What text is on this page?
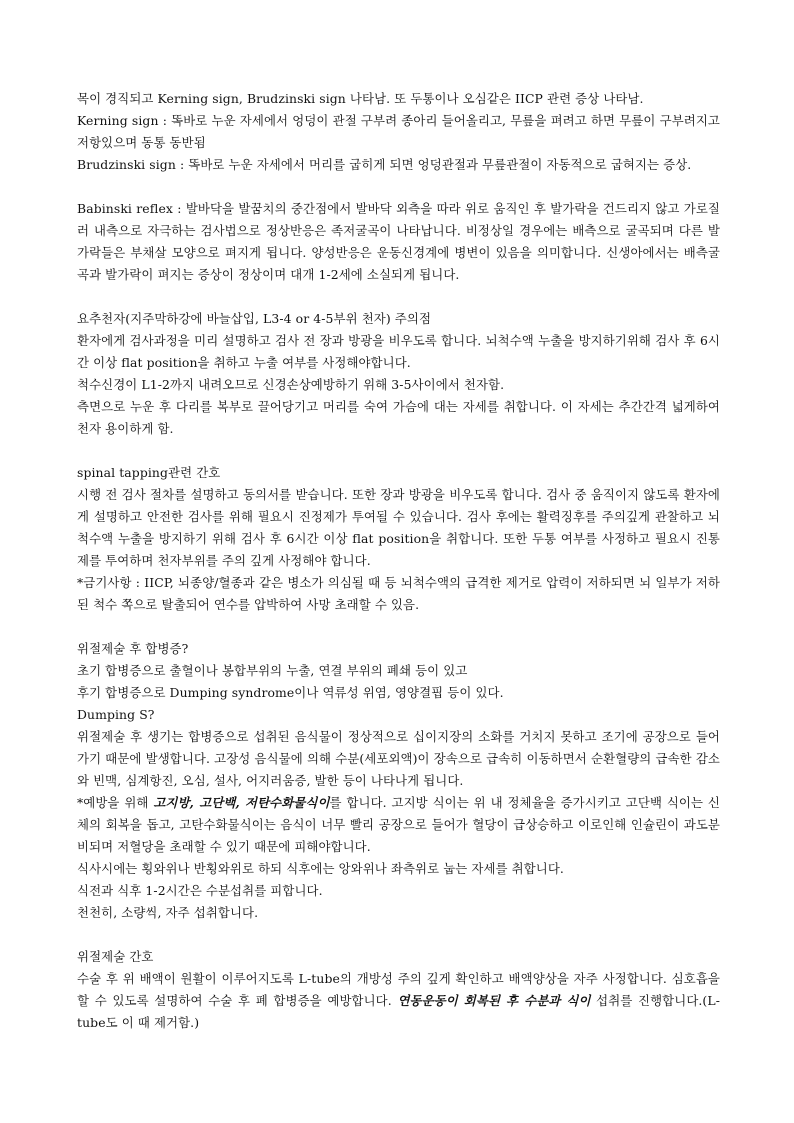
목이 경직되고 Kerning sign, Brudzinski sign 나타남. 또 두통이나 오심같은 IICP 관련 증상 나타남.

Kerning sign : 똑바로 누운 자세에서 엉덩이 관절 구부려 종아리 들어올리고, 무릎을 펴려고 하면 무릎이 구부려지고 저항있으며 동통 동반됨

Brudzinski sign : 똑바로 누운 자세에서 머리를 굽히게 되면 엉덩관절과 무릎관절이 자동적으로 굽혀지는 증상.

Babinski reflex : 발바닥을 발꿈치의 중간점에서 발바닥 외측을 따라 위로 움직인 후 발가락을 건드리지 않고 가로질러 내측으로 자극하는 검사법으로 정상반응은 족저굴곡이 나타납니다. 비정상일 경우에는 배측으로 굴곡되며 다른 발가락들은 부채살 모양으로 펴지게 됩니다. 양성반응은 운동신경계에 병변이 있음을 의미합니다. 신생아에서는 배측굴곡과 발가락이 펴지는 증상이 정상이며 대개 1-2세에 소실되게 됩니다.

요추천자(지주막하강에 바늘삽입, L3-4 or 4-5부위 천자) 주의점

환자에게 검사과정을 미리 설명하고 검사 전 장과 방광을 비우도록 합니다. 뇌척수액 누출을 방지하기위해 검사 후 6시간 이상 flat position을 취하고 누출 여부를 사정해야합니다.

척수신경이 L1-2까지 내려오므로 신경손상예방하기 위해 3-5사이에서 천자함.

측면으로 누운 후 다리를 복부로 끌어당기고 머리를 숙여 가슴에 대는 자세를 취합니다. 이 자세는 추간간격 넓게하여 천자 용이하게 함.

spinal tapping관련 간호

시행 전 검사 절차를 설명하고 동의서를 받습니다. 또한 장과 방광을 비우도록 합니다. 검사 중 움직이지 않도록 환자에게 설명하고 안전한 검사를 위해 필요시 진정제가 투여될 수 있습니다. 검사 후에는 활력징후를 주의깊게 관찰하고 뇌척수액 누출을 방지하기 위해 검사 후 6시간 이상 flat position을 취합니다. 또한 두통 여부를 사정하고 필요시 진통제를 투여하며 천자부위를 주의 깊게 사정해야 합니다.

*금기사항 : IICP, 뇌종양/혈종과 같은 병소가 의심될 때 등 뇌척수액의 급격한 제거로 압력이 저하되면 뇌 일부가 저하된 척수 쪽으로 탈출되어 연수를 압박하여 사망 초래할 수 있음.

위절제술 후 합병증?

초기 합병증으로 출혈이나 봉합부위의 누출, 연결 부위의 폐쇄 등이 있고

후기 합병증으로 Dumping syndrome이나 역류성 위염, 영양결핍 등이 있다.

Dumping S?

위절제술 후 생기는 합병증으로 섭취된 음식물이 정상적으로 십이지장의 소화를 거치지 못하고 조기에 공장으로 들어가기 때문에 발생합니다. 고장성 음식물에 의해 수분(세포외액)이 장속으로 급속히 이동하면서 순환혈량의 급속한 감소와 빈맥, 심계항진, 오심, 설사, 어지러움증, 발한 등이 나타나게 됩니다.

*예방을 위해 고지방, 고단백, 저탄수화물식이를 합니다. 고지방 식이는 위 내 정체율을 증가시키고 고단백 식이는 신체의 회복을 돕고, 고탄수화물식이는 음식이 너무 빨리 공장으로 들어가 혈당이 급상승하고 이로인해 인슐린이 과도분비되며 저혈당을 초래할 수 있기 때문에 피해야합니다.

식사시에는 횡와위나 반횡와위로 하되 식후에는 앙와위나 좌측위로 눕는 자세를 취합니다.

식전과 식후 1-2시간은 수분섭취를 피합니다.

천천히, 소량씩, 자주 섭취합니다.

위절제술 간호

수술 후 위 배액이 원활이 이루어지도록 L-tube의 개방성 주의 깊게 확인하고 배액양상을 자주 사정합니다. 심호흡을 할 수 있도록 설명하여 수술 후 폐 합병증을 예방합니다. 연동운동이 회복된 후 수분과 식이 섭취를 진행합니다.(L-tube도 이 때 제거함.)
